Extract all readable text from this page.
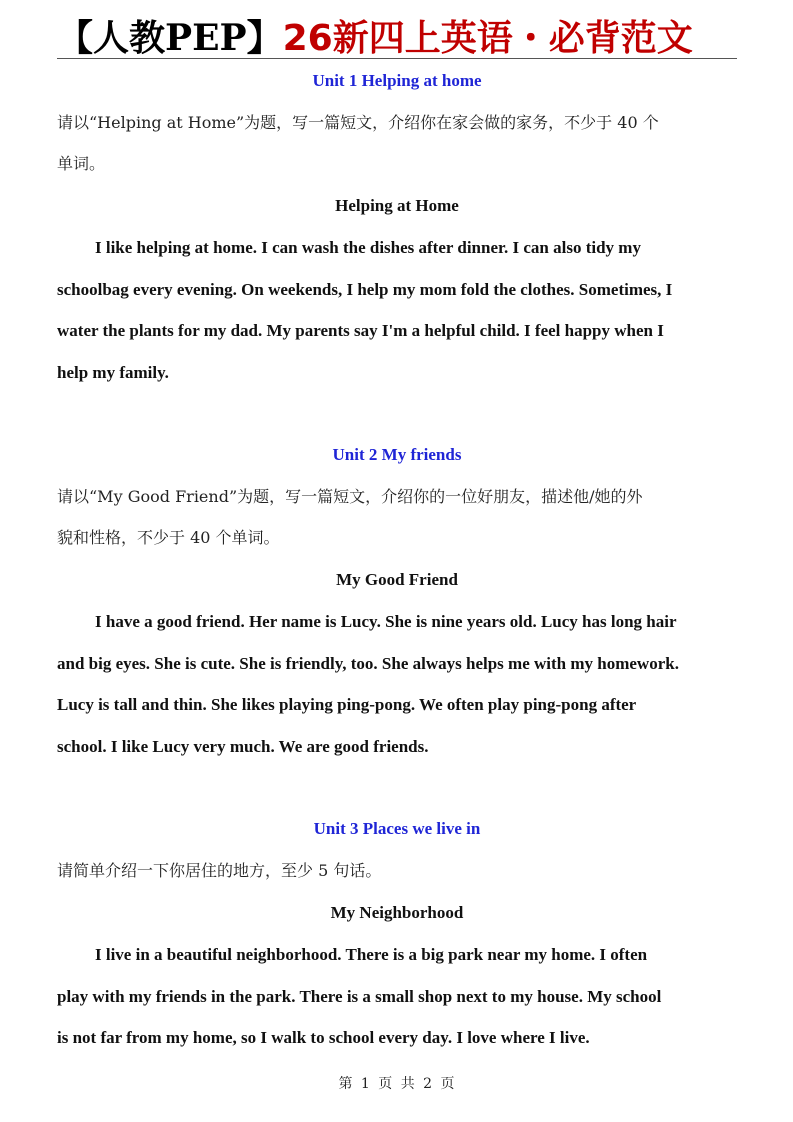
【人教PEP】26新四上英语・必背范文
Unit 1 Helping at home
请以“Helping at Home”为题，写一篇短文，介绍你在家会做的家务，不少于 40 个
单词。
Helping at Home
I like helping at home. I can wash the dishes after dinner. I can also tidy my
schoolbag every evening. On weekends, I help my mom fold the clothes. Sometimes, I
water the plants for my dad. My parents say I'm a helpful child. I feel happy when I
help my family.
Unit 2 My friends
请以“My Good Friend”为题，写一篇短文，介绍你的一位好朋友，描述他/她的外
貌和性格，不少于 40 个单词。
My Good Friend
I have a good friend. Her name is Lucy. She is nine years old. Lucy has long hair
and big eyes. She is cute. She is friendly, too. She always helps me with my homework.
Lucy is tall and thin. She likes playing ping-pong. We often play ping-pong after
school. I like Lucy very much. We are good friends.
Unit 3 Places we live in
请简单介绍一下你居住的地方，至少 5 句话。
My Neighborhood
I live in a beautiful neighborhood. There is a big park near my home. I often
play with my friends in the park. There is a small shop next to my house. My school
is not far from my home, so I walk to school every day. I love where I live.
第 1 页 共 2 页
